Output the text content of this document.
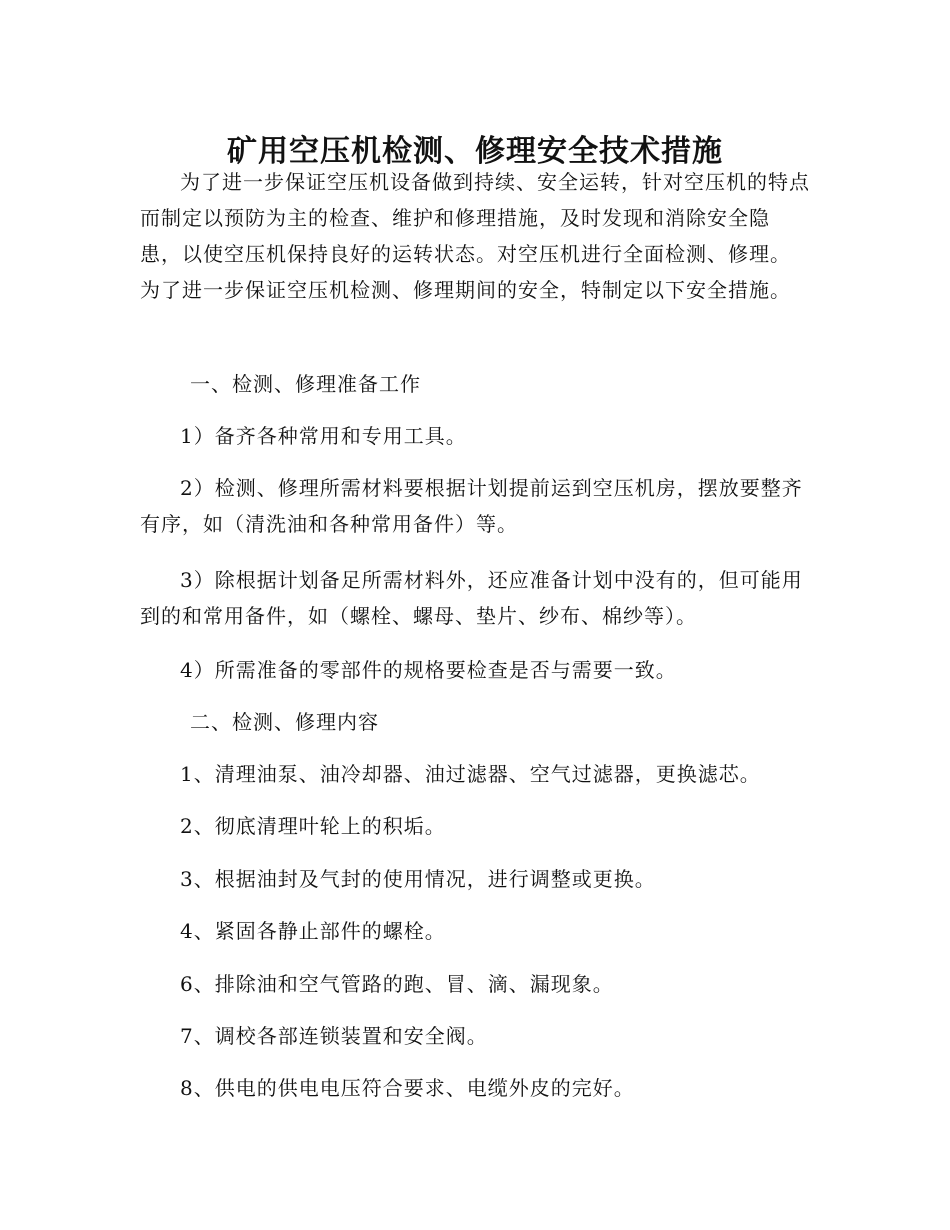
矿用空压机检测、修理安全技术措施

为了进一步保证空压机设备做到持续、安全运转，针对空压机的特点而制定以预防为主的检查、维护和修理措施，及时发现和消除安全隐患，以使空压机保持良好的运转状态。对空压机进行全面检测、修理。为了进一步保证空压机检测、修理期间的安全，特制定以下安全措施。

一、检测、修理准备工作

1）备齐各种常用和专用工具。

2）检测、修理所需材料要根据计划提前运到空压机房，摆放要整齐有序，如（清洗油和各种常用备件）等。

3）除根据计划备足所需材料外，还应准备计划中没有的，但可能用到的和常用备件，如（螺栓、螺母、垫片、纱布、棉纱等）。

4）所需准备的零部件的规格要检查是否与需要一致。

二、检测、修理内容

1、清理油泵、油冷却器、油过滤器、空气过滤器，更换滤芯。

2、彻底清理叶轮上的积垢。

3、根据油封及气封的使用情况，进行调整或更换。

4、紧固各静止部件的螺栓。

6、排除油和空气管路的跑、冒、滴、漏现象。

7、调校各部连锁装置和安全阀。

8、供电的供电电压符合要求、电缆外皮的完好。
